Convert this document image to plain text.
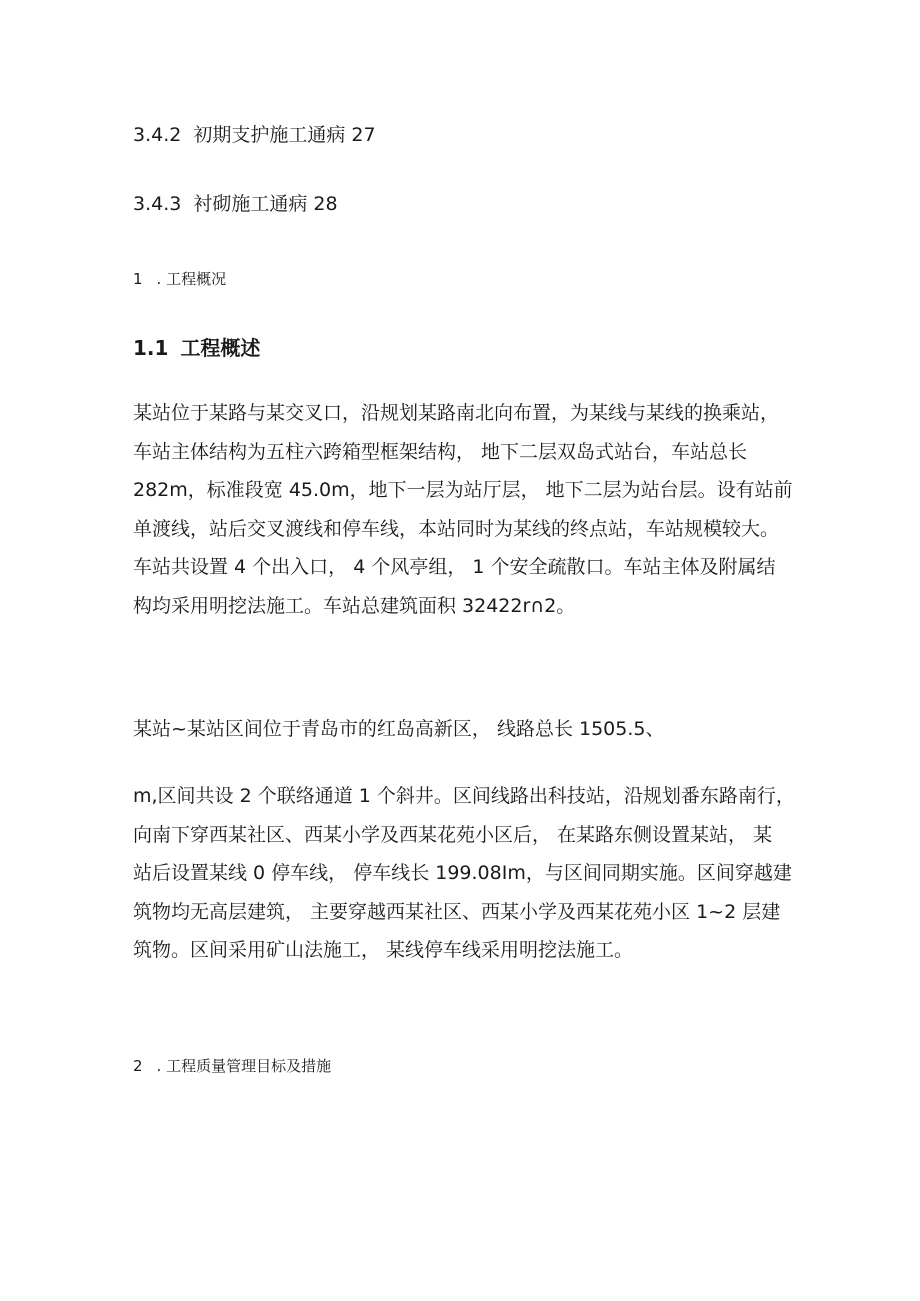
3.4.2 初期支护施工通病 27
3.4.3 衬砌施工通病 28
1 . 工程概况
1.1 工程概述
某站位于某路与某交叉口，沿规划某路南北向布置，为某线与某线的换乘站，
车站主体结构为五柱六跨箱型框架结构， 地下二层双岛式站台，车站总长
282m，标准段宽 45.0m，地下一层为站厅层， 地下二层为站台层。设有站前
单渡线，站后交叉渡线和停车线，本站同时为某线的终点站，车站规模较大。
车站共设置 4 个出入口， 4 个风亭组， 1 个安全疏散口。车站主体及附属结
构均采用明挖法施工。车站总建筑面积 32422r∩2。
某站~某站区间位于青岛市的红岛高新区， 线路总长 1505.5、
m,区间共设 2 个联络通道 1 个斜井。区间线路出科技站，沿规划番东路南行，
向南下穿西某社区、西某小学及西某花苑小区后， 在某路东侧设置某站， 某
站后设置某线 0 停车线， 停车线长 199.08Im，与区间同期实施。区间穿越建
筑物均无高层建筑， 主要穿越西某社区、西某小学及西某花苑小区 1~2 层建
筑物。区间采用矿山法施工， 某线停车线采用明挖法施工。
2 . 工程质量管理目标及措施
